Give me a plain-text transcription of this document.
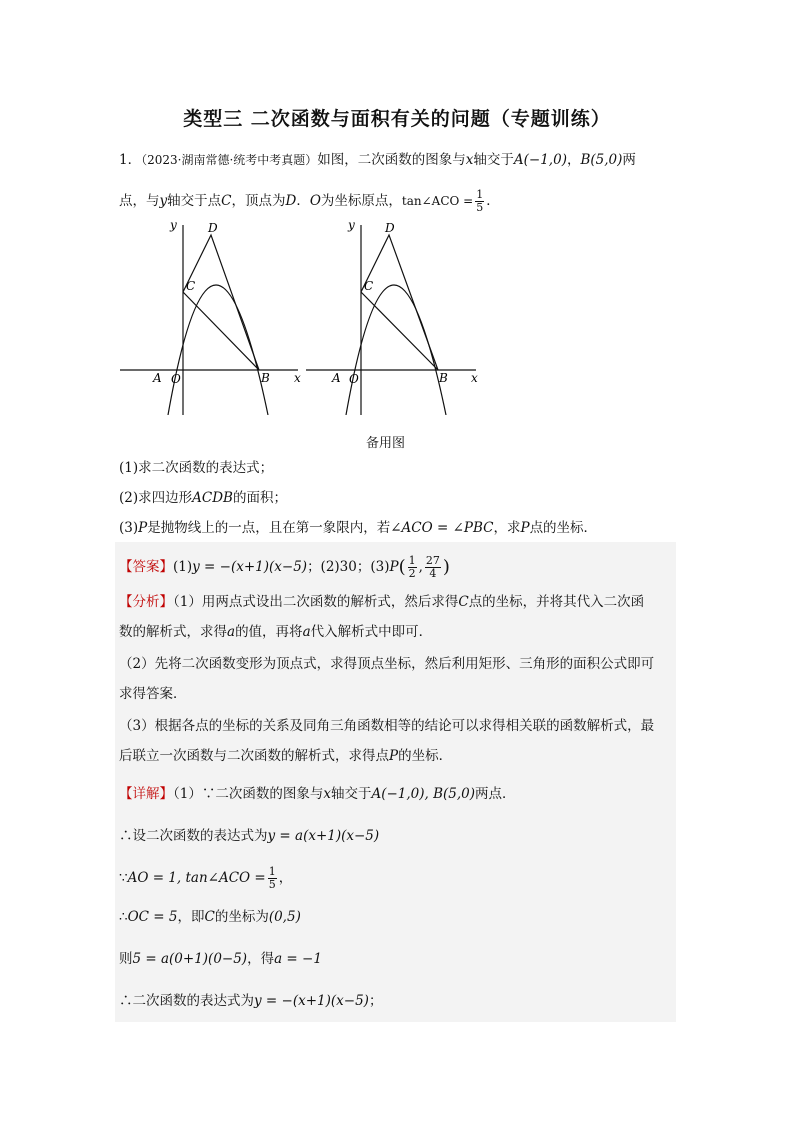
类型三 二次函数与面积有关的问题（专题训练）
1．（2023·湖南常德·统考中考真题）如图，二次函数的图象与x轴交于A(−1,0)，B(5,0)两
点，与y轴交于点C，顶点为D．O为坐标原点，tan∠ACO = $\frac{1}{5}$ ．
y	D
C
A O	B x
y	D
C
A O	B x
备用图
(1)求二次函数的表达式；
(2)求四边形ACDB的面积；
(3)P是抛物线上的一点，且在第一象限内，若∠ACO = ∠PBC，求P点的坐标．
【答案】(1)y = −(x+1)(x−5)；(2)30；$(3)P( \frac{1}{2}$ , $\frac{27}{4}$ )
【分析】（1）用两点式设出二次函数的解析式，然后求得C点的坐标，并将其代入二次函
数的解析式，求得a的值，再将a代入解析式中即可．
（2）先将二次函数变形为顶点式，求得顶点坐标，然后利用矩形、三角形的面积公式即可
求得答案．
（3）根据各点的坐标的关系及同角三角函数相等的结论可以求得相关联的函数解析式，最
后联立一次函数与二次函数的解析式，求得点P的坐标．
【详解】（1）∵二次函数的图象与x轴交于A(−1,0), B(5,0)两点．
∴设二次函数的表达式为y = a(x+1)(x−5)
∵AO = 1, tan∠ACO = $\frac{1}{5}$ ，
∴OC = 5，即C的坐标为(0,5)
则5 = a(0+1)(0−5)，得a = −1
∴二次函数的表达式为y = −(x+1)(x−5)；
